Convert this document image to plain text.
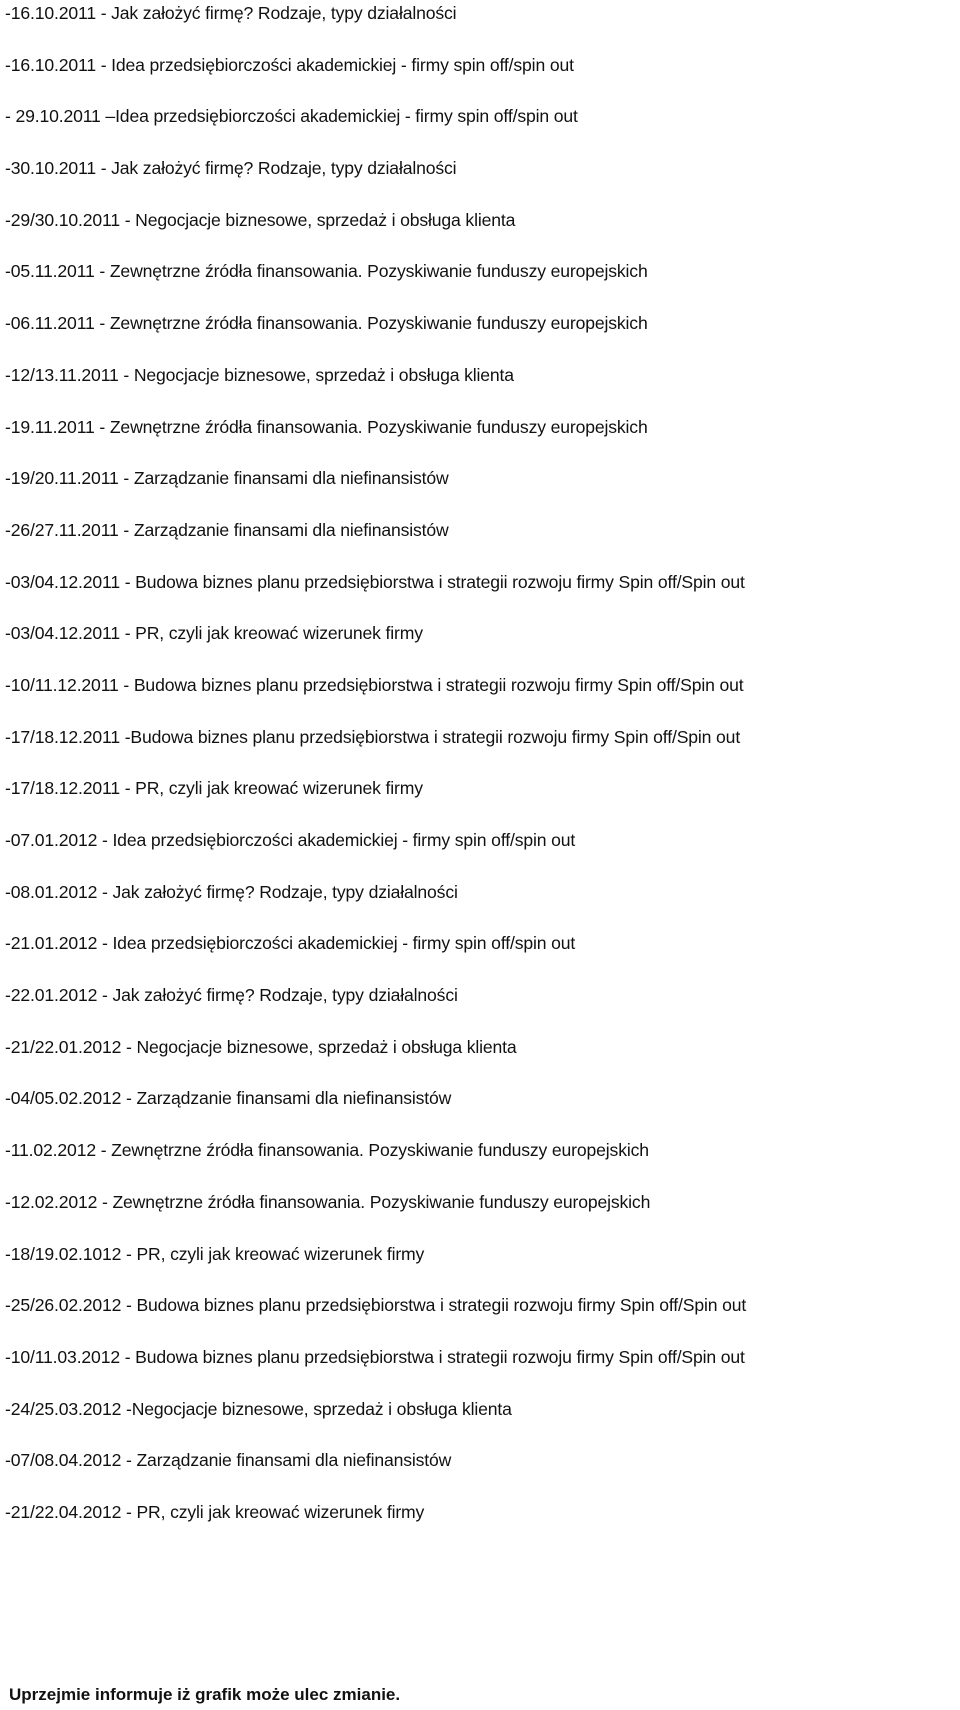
-16.10.2011 - Jak założyć firmę? Rodzaje, typy działalności
-16.10.2011 - Idea przedsiębiorczości akademickiej - firmy spin off/spin out
- 29.10.2011 –Idea przedsiębiorczości akademickiej - firmy spin off/spin out
-30.10.2011 - Jak założyć firmę? Rodzaje, typy działalności
-29/30.10.2011 - Negocjacje biznesowe, sprzedaż i obsługa klienta
-05.11.2011 - Zewnętrzne źródła finansowania. Pozyskiwanie funduszy europejskich
-06.11.2011 - Zewnętrzne źródła finansowania. Pozyskiwanie funduszy europejskich
-12/13.11.2011 - Negocjacje biznesowe, sprzedaż i obsługa klienta
-19.11.2011 - Zewnętrzne źródła finansowania. Pozyskiwanie funduszy europejskich
-19/20.11.2011 - Zarządzanie finansami dla niefinansistów
-26/27.11.2011 - Zarządzanie finansami dla niefinansistów
-03/04.12.2011 - Budowa biznes planu przedsiębiorstwa i strategii rozwoju firmy Spin off/Spin out
-03/04.12.2011 - PR, czyli jak kreować wizerunek firmy
-10/11.12.2011 - Budowa biznes planu przedsiębiorstwa i strategii rozwoju firmy Spin off/Spin out
-17/18.12.2011 -Budowa biznes planu przedsiębiorstwa i strategii rozwoju firmy Spin off/Spin out
-17/18.12.2011 - PR, czyli jak kreować wizerunek firmy
-07.01.2012 - Idea przedsiębiorczości akademickiej - firmy spin off/spin out
-08.01.2012 - Jak założyć firmę? Rodzaje, typy działalności
-21.01.2012 - Idea przedsiębiorczości akademickiej - firmy spin off/spin out
-22.01.2012 - Jak założyć firmę? Rodzaje, typy działalności
-21/22.01.2012 - Negocjacje biznesowe, sprzedaż i obsługa klienta
-04/05.02.2012 - Zarządzanie finansami dla niefinansistów
-11.02.2012 - Zewnętrzne źródła finansowania. Pozyskiwanie funduszy europejskich
-12.02.2012 - Zewnętrzne źródła finansowania. Pozyskiwanie funduszy europejskich
-18/19.02.1012 - PR, czyli jak kreować wizerunek firmy
-25/26.02.2012 - Budowa biznes planu przedsiębiorstwa i strategii rozwoju firmy Spin off/Spin out
-10/11.03.2012 - Budowa biznes planu przedsiębiorstwa i strategii rozwoju firmy Spin off/Spin out
-24/25.03.2012 -Negocjacje biznesowe, sprzedaż i obsługa klienta
-07/08.04.2012 - Zarządzanie finansami dla niefinansistów
-21/22.04.2012 - PR, czyli jak kreować wizerunek firmy
Uprzejmie informuje iż grafik może ulec zmianie.
